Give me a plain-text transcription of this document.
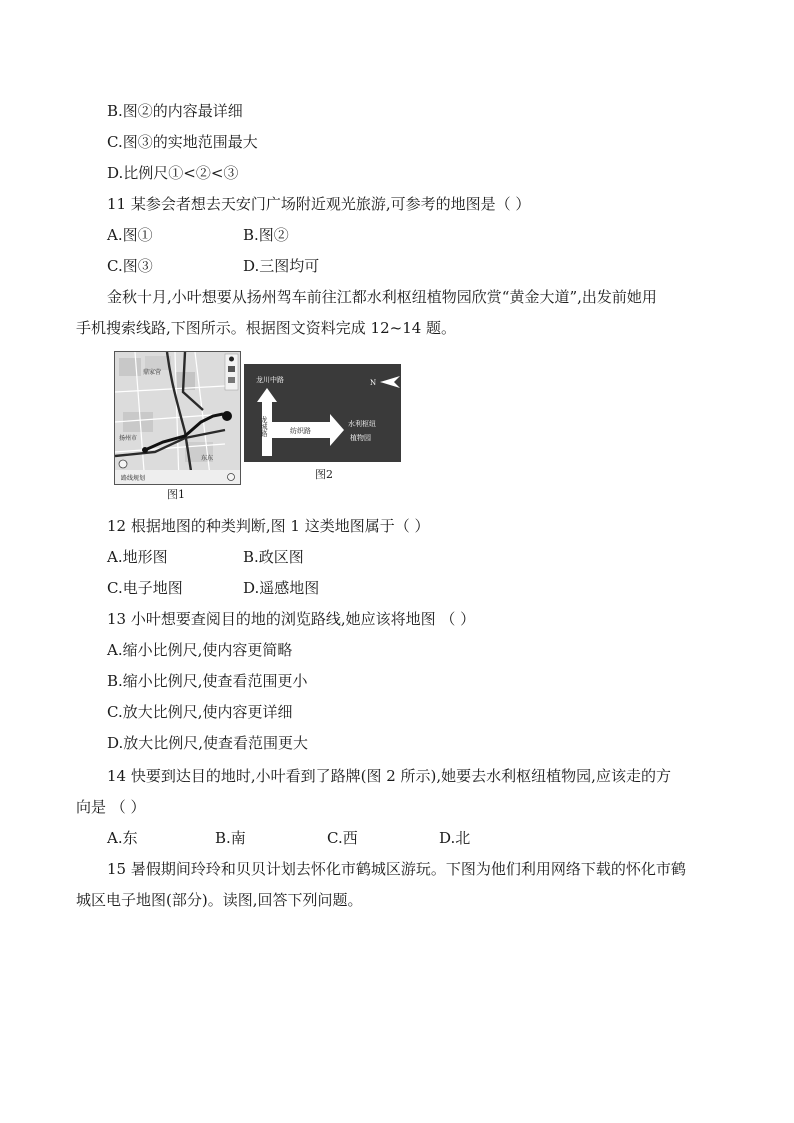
B.图②的内容最详细
C.图③的实地范围最大
D.比例尺①<②<③
11 某参会者想去天安门广场附近观光旅游,可参考的地图是（ ）
A.图①	B.图②
C.图③	D.三图均可
金秋十月,小叶想要从扬州驾车前往江都水利枢纽植物园欣赏“黄金大道”,出发前她用
手机搜索线路,下图所示。根据图文资料完成 12~14 题。
鼎家营
扬州市
东东
路线规划
图1
龙川中路
龙城路	纺织路
水利枢纽
植物园
N
图2
12 根据地图的种类判断,图 1 这类地图属于（ ）
A.地形图	B.政区图
C.电子地图	D.遥感地图
13 小叶想要查阅目的地的浏览路线,她应该将地图 （ ）
A.缩小比例尺,使内容更简略
B.缩小比例尺,使查看范围更小
C.放大比例尺,使内容更详细
D.放大比例尺,使查看范围更大
14 快要到达目的地时,小叶看到了路牌(图 2 所示),她要去水利枢纽植物园,应该走的方
向是 （ ）
A.东	B.南	C.西	D.北
15 暑假期间玲玲和贝贝计划去怀化市鹤城区游玩。下图为他们利用网络下载的怀化市鹤
城区电子地图(部分)。读图,回答下列问题。
